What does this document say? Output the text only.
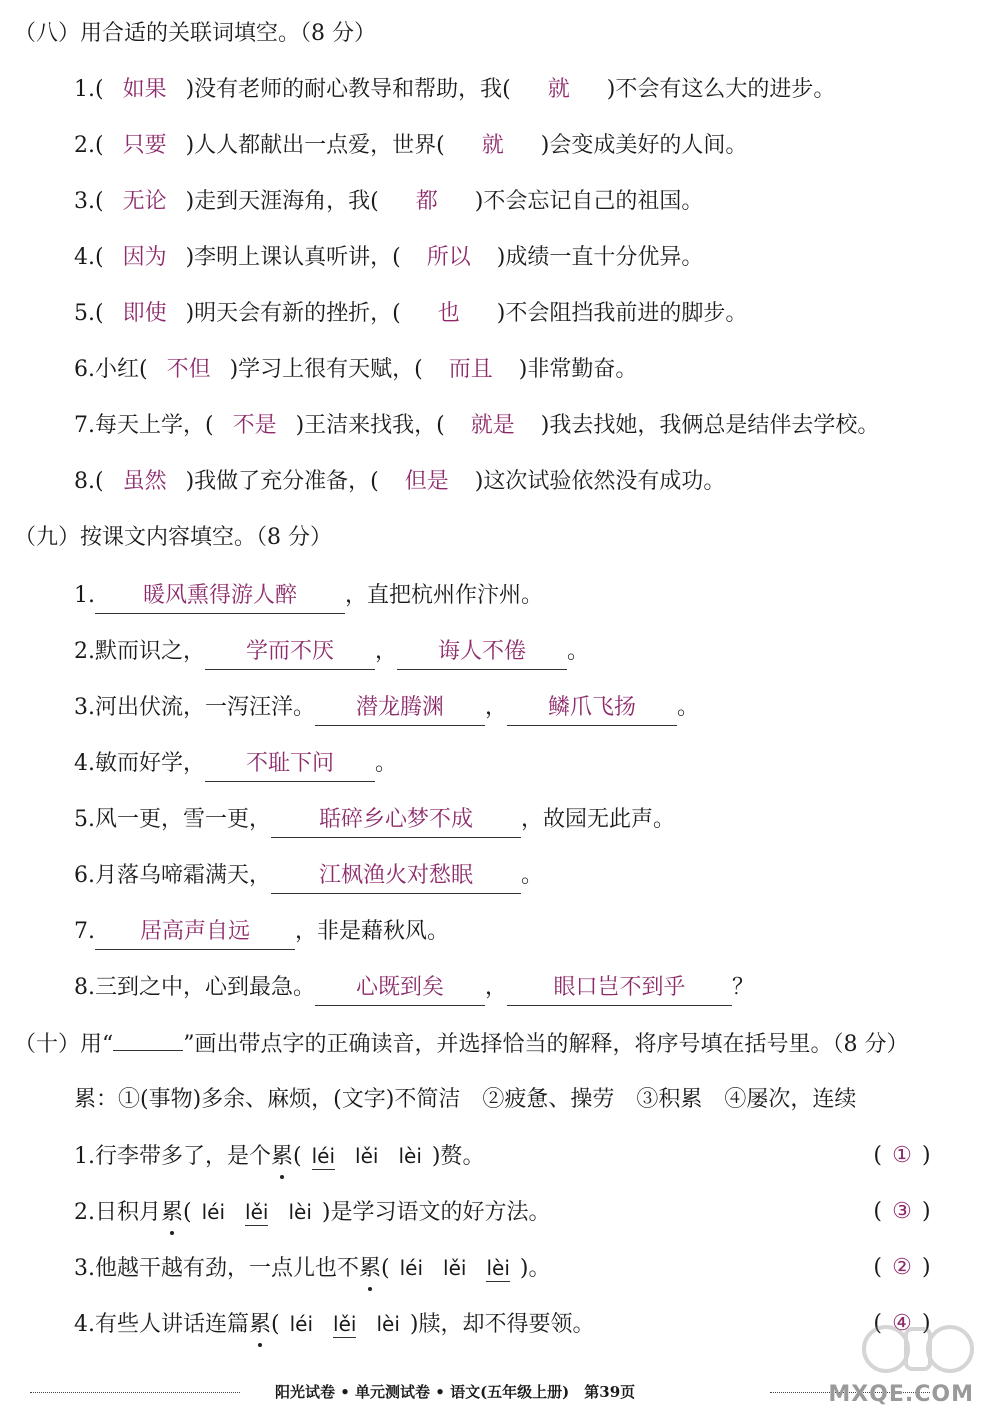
（八）用合适的关联词填空。（8 分）
1.( 如果 )没有老师的耐心教导和帮助，我( 就 )不会有这么大的进步。
2.( 只要 )人人都献出一点爱，世界( 就 )会变成美好的人间。
3.( 无论 )走到天涯海角，我( 都 )不会忘记自己的祖国。
4.( 因为 )李明上课认真听讲，( 所以 )成绩一直十分优异。
5.( 即使 )明天会有新的挫折，( 也 )不会阻挡我前进的脚步。
6.小红( 不但 )学习上很有天赋，( 而且 )非常勤奋。
7.每天上学，( 不是 )王洁来找我，( 就是 )我去找她，我俩总是结伴去学校。
8.( 虽然 )我做了充分准备，( 但是 )这次试验依然没有成功。
（九）按课文内容填空。（8 分）
1. 暖风熏得游人醉 ，直把杭州作汴州。
2.默而识之， 学而不厌 ， 诲人不倦 。
3.河出伏流，一泻汪洋。 潜龙腾渊 ， 鳞爪飞扬 。
4.敏而好学， 不耻下问 。
5.风一更，雪一更， 聒碎乡心梦不成 ，故园无此声。
6.月落乌啼霜满天， 江枫渔火对愁眠 。
7. 居高声自远 ，非是藉秋风。
8.三到之中，心到最急。 心既到矣 ， 眼口岂不到乎 ？
（十）用“	”画出带点字的正确读音，并选择恰当的解释，将序号填在括号里。（8 分）
累：①(事物)多余、麻烦，(文字)不简洁　②疲惫、操劳　③积累　④屡次，连续
1.行李带多了，是个累( léi lěi lèi )赘。	( ① )
2.日积月累( léi lěi lèi )是学习语文的好方法。	( ③ )
3.他越干越有劲，一点儿也不累( léi lěi lèi )。	( ② )
4.有些人讲话连篇累( léi lěi lèi )牍，却不得要领。	( ④ )
阳光试卷 • 单元测试卷 • 语文(五年级上册)　第39页	MXQE.COM
